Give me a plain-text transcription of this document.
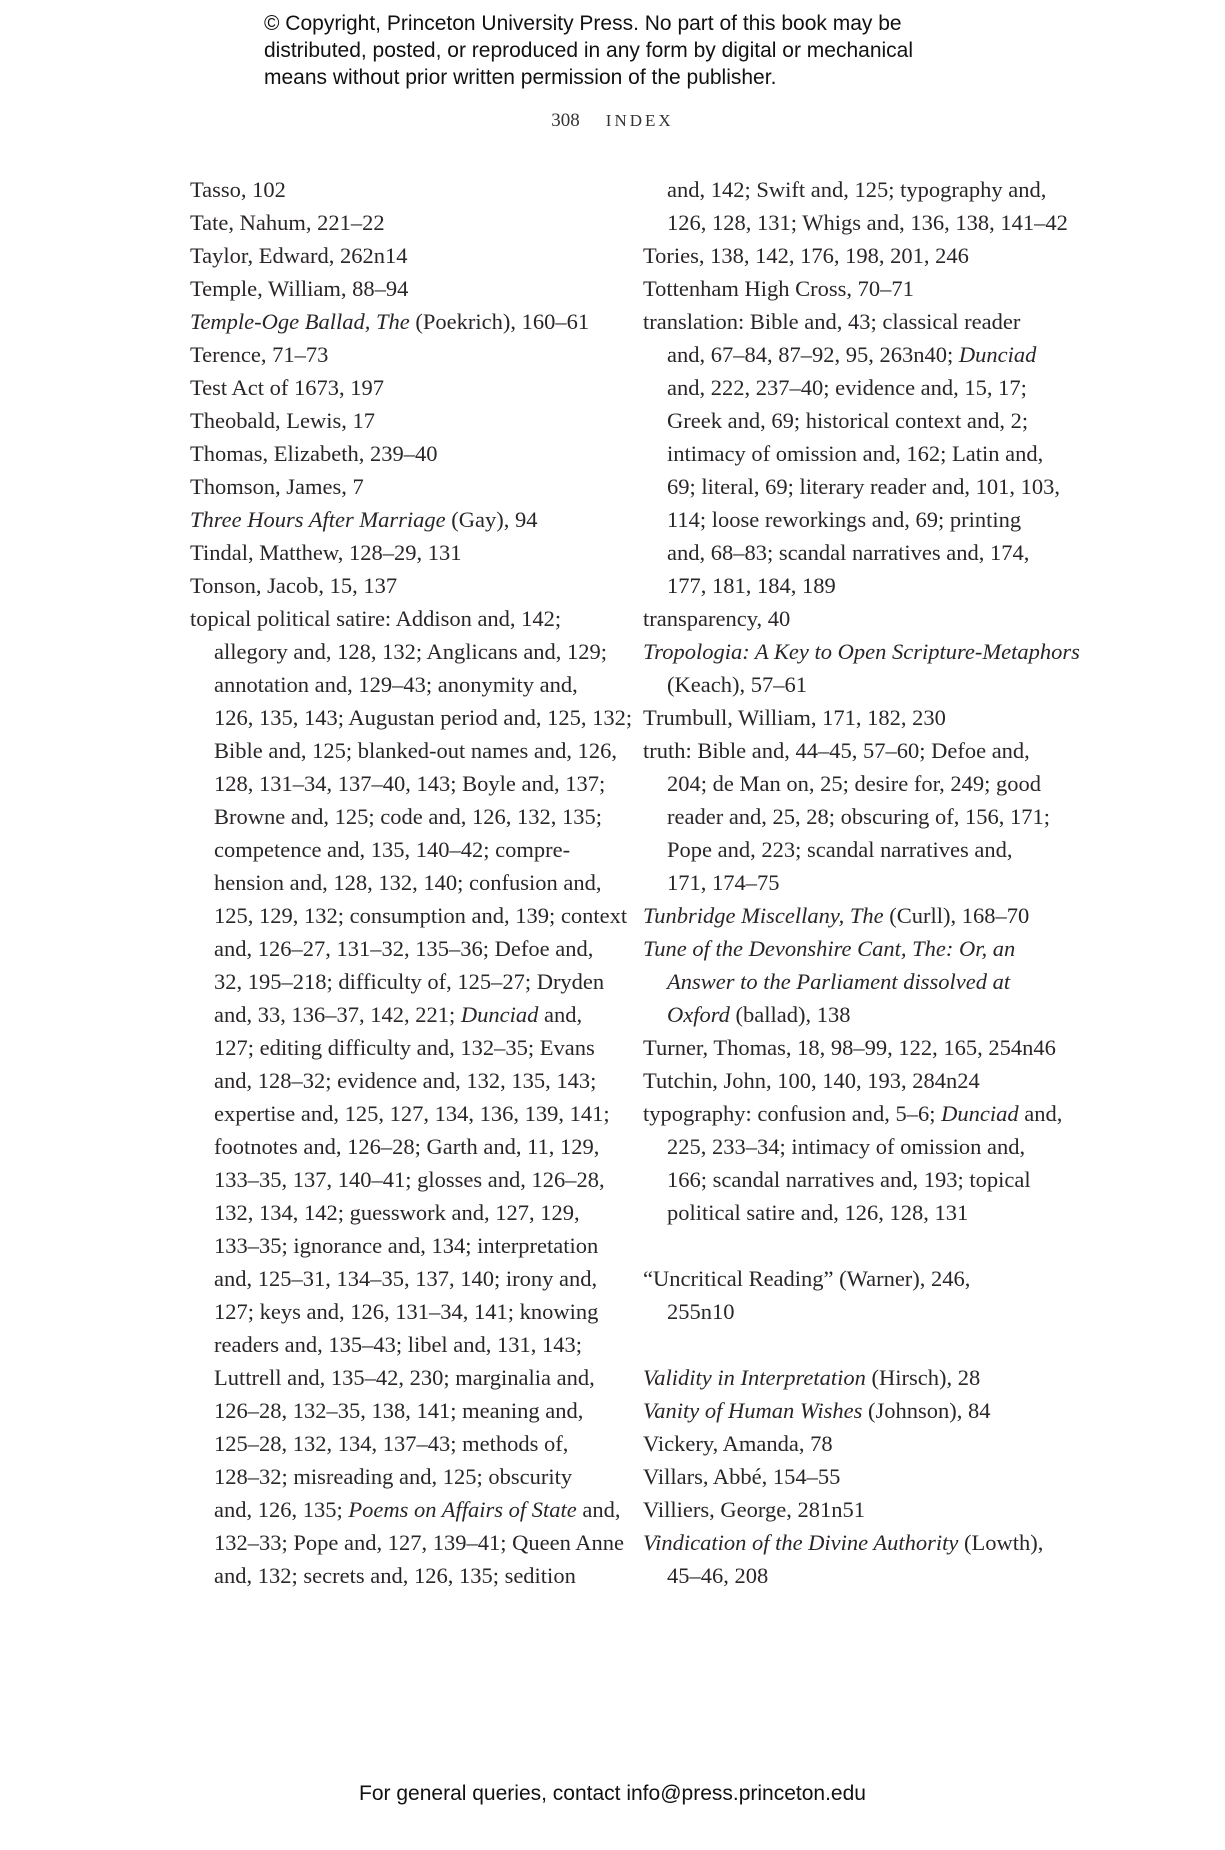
© Copyright, Princeton University Press. No part of this book may be
distributed, posted, or reproduced in any form by digital or mechanical
means without prior written permission of the publisher.
308 INDEX
Tasso, 102
Tate, Nahum, 221–22
Taylor, Edward, 262n14
Temple, William, 88–94
Temple-Oge Ballad, The (Poekrich), 160–61
Terence, 71–73
Test Act of 1673, 197
Theobald, Lewis, 17
Thomas, Elizabeth, 239–40
Thomson, James, 7
Three Hours After Marriage (Gay), 94
Tindal, Matthew, 128–29, 131
Tonson, Jacob, 15, 137
topical political satire: Addison and, 142;
allegory and, 128, 132; Anglicans and, 129;
annotation and, 129–43; anonymity and,
126, 135, 143; Augustan period and, 125, 132;
Bible and, 125; blanked-out names and, 126,
128, 131–34, 137–40, 143; Boyle and, 137;
Browne and, 125; code and, 126, 132, 135;
competence and, 135, 140–42; compre-
hension and, 128, 132, 140; confusion and,
125, 129, 132; consumption and, 139; context
and, 126–27, 131–32, 135–36; Defoe and,
32, 195–218; difficulty of, 125–27; Dryden
and, 33, 136–37, 142, 221; Dunciad and,
127; editing difficulty and, 132–35; Evans
and, 128–32; evidence and, 132, 135, 143;
expertise and, 125, 127, 134, 136, 139, 141;
footnotes and, 126–28; Garth and, 11, 129,
133–35, 137, 140–41; glosses and, 126–28,
132, 134, 142; guesswork and, 127, 129,
133–35; ignorance and, 134; interpretation
and, 125–31, 134–35, 137, 140; irony and,
127; keys and, 126, 131–34, 141; knowing
readers and, 135–43; libel and, 131, 143;
Luttrell and, 135–42, 230; marginalia and,
126–28, 132–35, 138, 141; meaning and,
125–28, 132, 134, 137–43; methods of,
128–32; misreading and, 125; obscurity
and, 126, 135; Poems on Affairs of State and,
132–33; Pope and, 127, 139–41; Queen Anne
and, 132; secrets and, 126, 135; sedition
and, 142; Swift and, 125; typography and,
126, 128, 131; Whigs and, 136, 138, 141–42
Tories, 138, 142, 176, 198, 201, 246
Tottenham High Cross, 70–71
translation: Bible and, 43; classical reader
and, 67–84, 87–92, 95, 263n40; Dunciad
and, 222, 237–40; evidence and, 15, 17;
Greek and, 69; historical context and, 2;
intimacy of omission and, 162; Latin and,
69; literal, 69; literary reader and, 101, 103,
114; loose reworkings and, 69; printing
and, 68–83; scandal narratives and, 174,
177, 181, 184, 189
transparency, 40
Tropologia: A Key to Open Scripture-Metaphors
(Keach), 57–61
Trumbull, William, 171, 182, 230
truth: Bible and, 44–45, 57–60; Defoe and,
204; de Man on, 25; desire for, 249; good
reader and, 25, 28; obscuring of, 156, 171;
Pope and, 223; scandal narratives and,
171, 174–75
Tunbridge Miscellany, The (Curll), 168–70
Tune of the Devonshire Cant, The: Or, an
Answer to the Parliament dissolved at
Oxford (ballad), 138
Turner, Thomas, 18, 98–99, 122, 165, 254n46
Tutchin, John, 100, 140, 193, 284n24
typography: confusion and, 5–6; Dunciad and,
225, 233–34; intimacy of omission and,
166; scandal narratives and, 193; topical
political satire and, 126, 128, 131
“Uncritical Reading” (Warner), 246,
255n10
Validity in Interpretation (Hirsch), 28
Vanity of Human Wishes (Johnson), 84
Vickery, Amanda, 78
Villars, Abbé, 154–55
Villiers, George, 281n51
Vindication of the Divine Authority (Lowth),
45–46, 208
For general queries, contact info@press.princeton.edu
